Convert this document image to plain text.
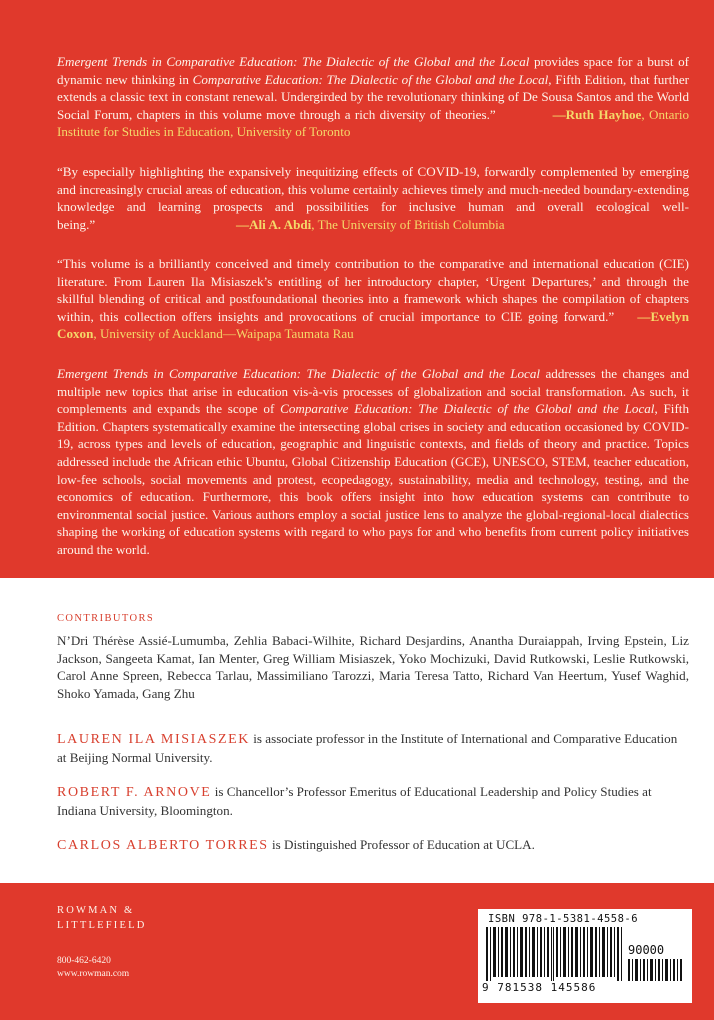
Emergent Trends in Comparative Education: The Dialectic of the Global and the Local provides space for a burst of dynamic new thinking in Comparative Education: The Dialectic of the Global and the Local, Fifth Edition, that further extends a classic text in constant renewal. Undergirded by the revolutionary thinking of De Sousa Santos and the World Social Forum, chapters in this volume move through a rich diversity of theories.”	—Ruth Hayhoe, Ontario Institute for Studies in Education, University of Toronto

“By especially highlighting the expansively inequitizing effects of COVID-19, forwardly complemented by emerging and increasingly crucial areas of education, this volume certainly achieves timely and much-needed boundary-extending knowledge and learning prospects and possibilities for inclusive human and overall ecological well-being.”	—Ali A. Abdi, The University of British Columbia

“This volume is a brilliantly conceived and timely contribution to the comparative and international education (CIE) literature. From Lauren Ila Misiaszek’s entitling of her introductory chapter, ‘Urgent Departures,’ and through the skillful blending of critical and postfoundational theories into a framework which shapes the compilation of chapters within, this collection offers insights and provocations of crucial importance to CIE going forward.” —Evelyn Coxon, University of Auckland—Waipapa Taumata Rau

Emergent Trends in Comparative Education: The Dialectic of the Global and the Local addresses the changes and multiple new topics that arise in education vis-à-vis processes of globalization and social transformation. As such, it complements and expands the scope of Comparative Education: The Dialectic of the Global and the Local, Fifth Edition. Chapters systematically examine the intersecting global crises in society and education occasioned by COVID-19, across types and levels of education, geographic and linguistic contexts, and fields of theory and practice. Topics addressed include the African ethic Ubuntu, Global Citizenship Education (GCE), UNESCO, STEM, teacher education, low-fee schools, social movements and protest, ecopedagogy, sustainability, media and technology, testing, and the economics of education. Furthermore, this book offers insight into how education systems can contribute to environmental social justice. Various authors employ a social justice lens to analyze the global-regional-local dialectics shaping the working of education systems with regard to who pays for and who benefits from current policy initiatives around the world.

CONTRIBUTORS

N’Dri Thérèse Assié-Lumumba, Zehlia Babaci-Wilhite, Richard Desjardins, Anantha Duraiappah, Irving Epstein, Liz Jackson, Sangeeta Kamat, Ian Menter, Greg William Misiaszek, Yoko Mochizuki, David Rutkowski, Leslie Rutkowski, Carol Anne Spreen, Rebecca Tarlau, Massimiliano Tarozzi, Maria Teresa Tatto, Richard Van Heertum, Yusef Waghid, Shoko Yamada, Gang Zhu

LAUREN ILA MISIASZEK is associate professor in the Institute of International and Comparative Education at Beijing Normal University.

ROBERT F. ARNOVE is Chancellor’s Professor Emeritus of Educational Leadership and Policy Studies at Indiana University, Bloomington.

CARLOS ALBERTO TORRES is Distinguished Professor of Education at UCLA.

ROWMAN &
LITTLEFIELD
800-462-6420
www.rowman.com
ISBN 978-1-5381-4558-6
90000
9 781538 145586
